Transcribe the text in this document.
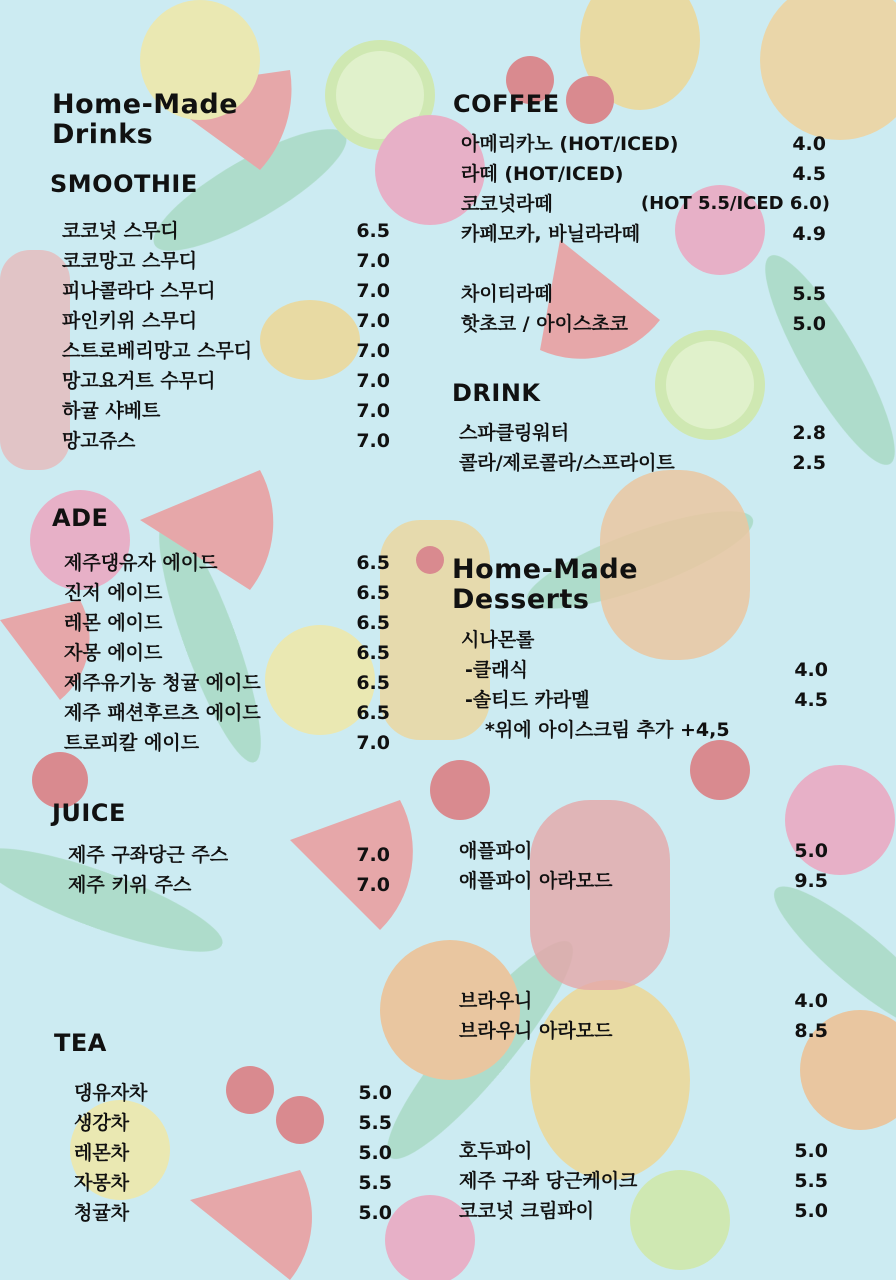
Home-Made
Drinks
SMOOTHIE
코코넛 스무디	6.5
코코망고 스무디	7.0
피나콜라다 스무디	7.0
파인키위 스무디	7.0
스트로베리망고 스무디	7.0
망고요거트 수무디	7.0
하귤 샤베트	7.0
망고쥬스	7.0
ADE
제주댕유자 에이드	6.5
진저 에이드	6.5
레몬 에이드	6.5
자몽 에이드	6.5
제주유기농 청귤 에이드	6.5
제주 패션후르츠 에이드	6.5
트로피칼 에이드	7.0
JUICE
제주 구좌당근 주스	7.0
제주 키위 주스	7.0
TEA
댕유자차	5.0
생강차	5.5
레몬차	5.0
자몽차	5.5
청귤차	5.0
COFFEE
아메리카노 (HOT/ICED)	4.0
라떼 (HOT/ICED)	4.5
코코넛라떼	(HOT 5.5/ICED 6.0)
카페모카, 바닐라라떼	4.9
차이티라떼	5.5
핫초코 / 아이스초코	5.0
DRINK
스파클링워터	2.8
콜라/제로콜라/스프라이트	2.5
Home-Made
Desserts
시나몬롤
-클래식	4.0
-솔티드 카라멜	4.5
*위에 아이스크림 추가 +4,5
애플파이	5.0
애플파이 아라모드	9.5
브라우니	4.0
브라우니 아라모드	8.5
호두파이	5.0
제주 구좌 당근케이크	5.5
코코넛 크림파이	5.0
